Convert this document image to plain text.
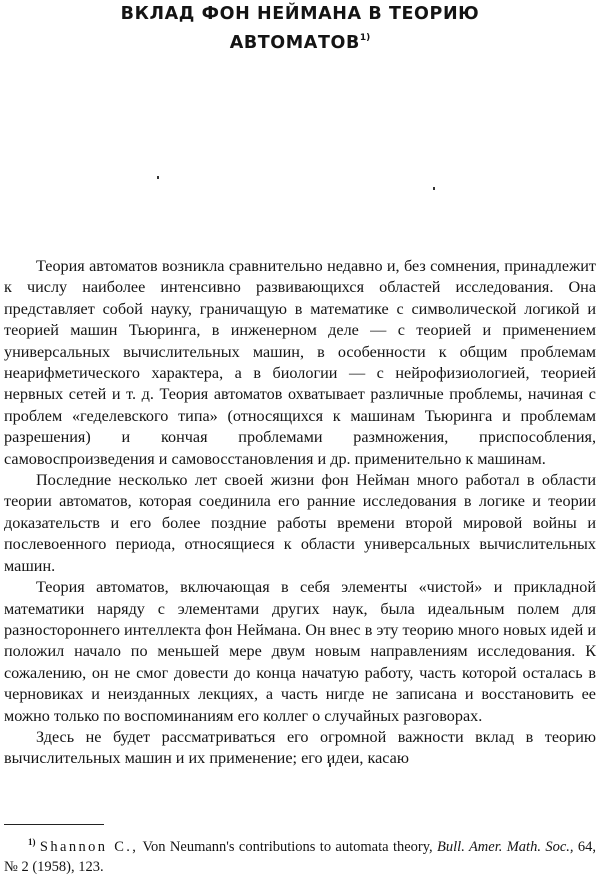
ВКЛАД ФОН НЕЙМАНА В ТЕОРИЮ
АВТОМАТОВ$^{1)}$

Теория автоматов возникла сравнительно недавно и, без сомнения, принадлежит к числу наиболее интенсивно развивающихся областей исследования. Она представляет собой науку, граничащую в математике с символической логикой и теорией машин Тьюринга, в инженерном деле — с теорией и применением универсальных вычислительных машин, в особенности к общим проблемам неарифметического характера, а в биологии — с нейрофизиологией, теорией нервных сетей и т. д. Теория автоматов охватывает различные проблемы, начиная с проблем «геделевского типа» (относящихся к машинам Тьюринга и проблемам разрешения) и кончая проблемами размножения, приспособления, самовоспроизведения и самовосстановления и др. применительно к машинам.

Последние несколько лет своей жизни фон Нейман много работал в области теории автоматов, которая соединила его ранние исследования в логике и теории доказательств и его более поздние работы времени второй мировой войны и послевоенного периода, относящиеся к области универсальных вычислительных машин.

Теория автоматов, включающая в себя элементы «чистой» и прикладной математики наряду с элементами других наук, была идеальным полем для разностороннего интеллекта фон Неймана. Он внес в эту теорию много новых идей и положил начало по меньшей мере двум новым направлениям исследования. К сожалению, он не смог довести до конца начатую работу, часть которой осталась в черновиках и неизданных лекциях, а часть нигде не записана и восстановить ее можно только по воспоминаниям его коллег о случайных разговорах.

Здесь не будет рассматриваться его огромной важности вклад в теорию вычислительных машин и их применение; его идеи, касаю

$^{1)}$ Shannon C., Von Neumann's contributions to automata theory, Bull. Amer. Math. Soc., 64, № 2 (1958), 123.
